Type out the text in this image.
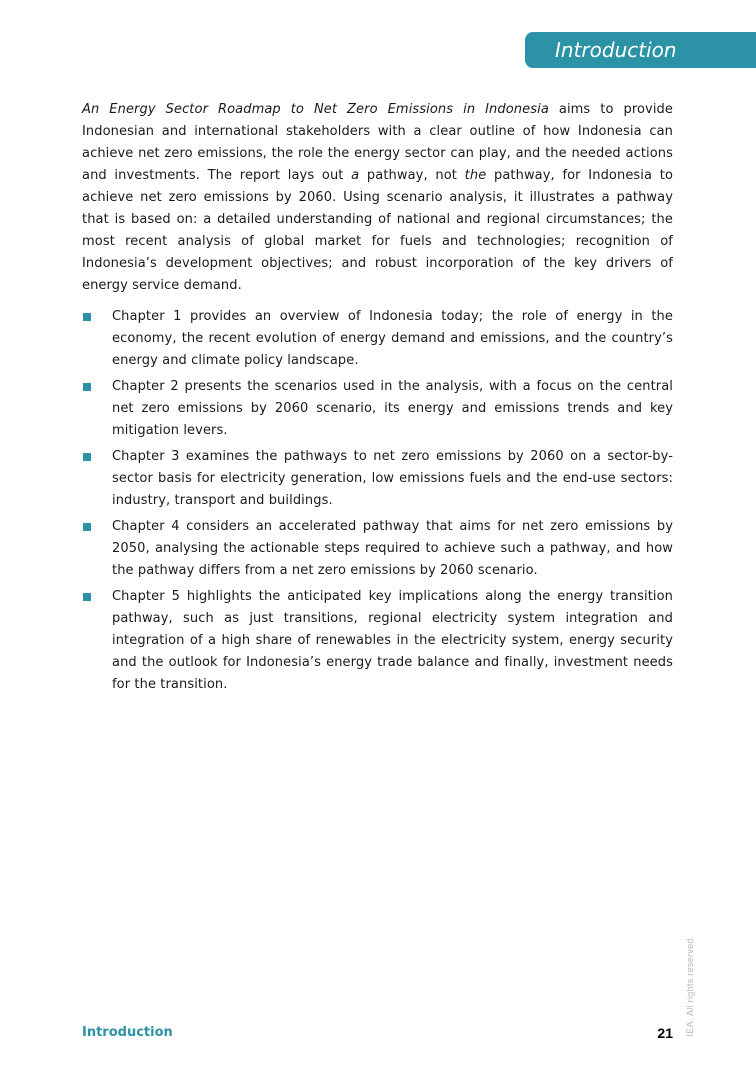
Introduction

An Energy Sector Roadmap to Net Zero Emissions in Indonesia aims to provide Indonesian and international stakeholders with a clear outline of how Indonesia can achieve net zero emissions, the role the energy sector can play, and the needed actions and investments. The report lays out a pathway, not the pathway, for Indonesia to achieve net zero emissions by 2060. Using scenario analysis, it illustrates a pathway that is based on: a detailed understanding of national and regional circumstances; the most recent analysis of global market for fuels and technologies; recognition of Indonesia’s development objectives; and robust incorporation of the key drivers of energy service demand.

Chapter 1 provides an overview of Indonesia today; the role of energy in the economy, the recent evolution of energy demand and emissions, and the country’s energy and climate policy landscape.
Chapter 2 presents the scenarios used in the analysis, with a focus on the central net zero emissions by 2060 scenario, its energy and emissions trends and key mitigation levers.
Chapter 3 examines the pathways to net zero emissions by 2060 on a sector-by-sector basis for electricity generation, low emissions fuels and the end-use sectors: industry, transport and buildings.
Chapter 4 considers an accelerated pathway that aims for net zero emissions by 2050, analysing the actionable steps required to achieve such a pathway, and how the pathway differs from a net zero emissions by 2060 scenario.
Chapter 5 highlights the anticipated key implications along the energy transition pathway, such as just transitions, regional electricity system integration and integration of a high share of renewables in the electricity system, energy security and the outlook for Indonesia’s energy trade balance and finally, investment needs for the transition.
Introduction	21 IEA. All rights reserved.
